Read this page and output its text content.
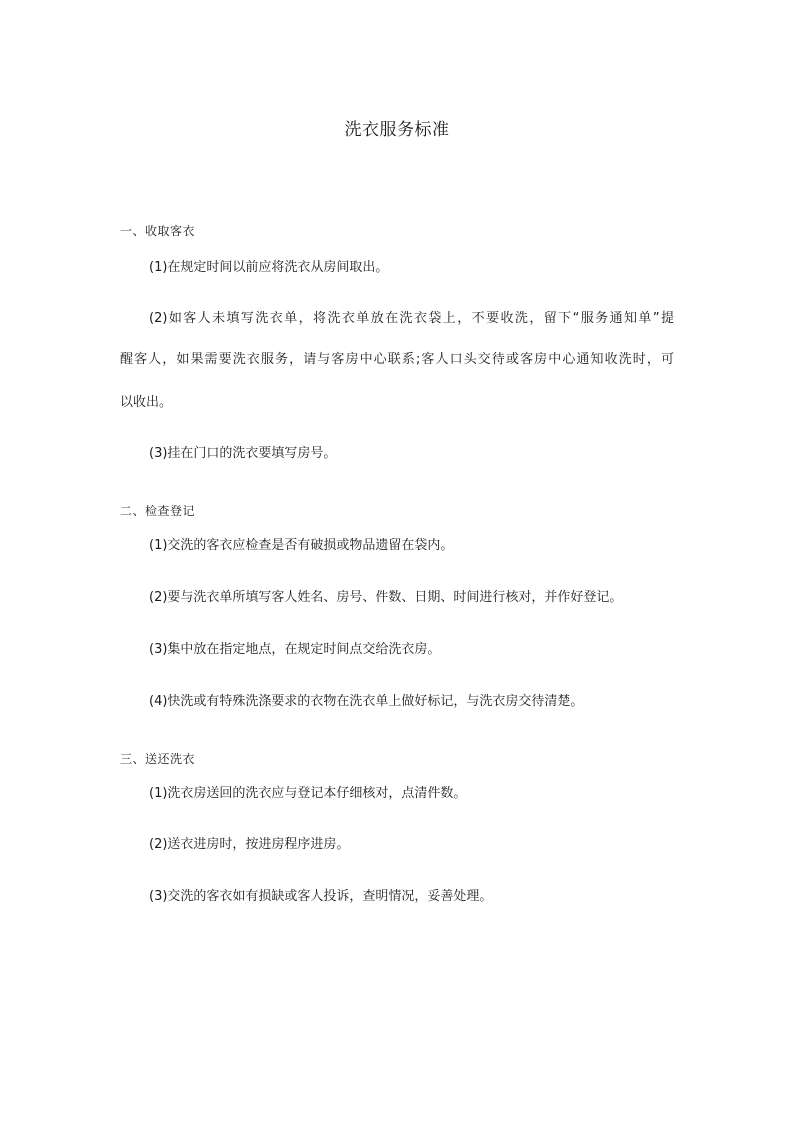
洗衣服务标准
一、收取客衣

(1)在规定时间以前应将洗衣从房间取出。

(2)如客人未填写洗衣单，将洗衣单放在洗衣袋上，不要收洗，留下“服务通知单”提

醒客人，如果需要洗衣服务，请与客房中心联系;客人口头交待或客房中心通知收洗时，可

以收出。

(3)挂在门口的洗衣要填写房号。

二、检查登记

(1)交洗的客衣应检查是否有破损或物品遗留在袋内。

(2)要与洗衣单所填写客人姓名、房号、件数、日期、时间进行核对，并作好登记。

(3)集中放在指定地点，在规定时间点交给洗衣房。

(4)快洗或有特殊洗涤要求的衣物在洗衣单上做好标记，与洗衣房交待清楚。

三、送还洗衣

(1)洗衣房送回的洗衣应与登记本仔细核对，点清件数。

(2)送衣进房时，按进房程序进房。

(3)交洗的客衣如有损缺或客人投诉，查明情况，妥善处理。
